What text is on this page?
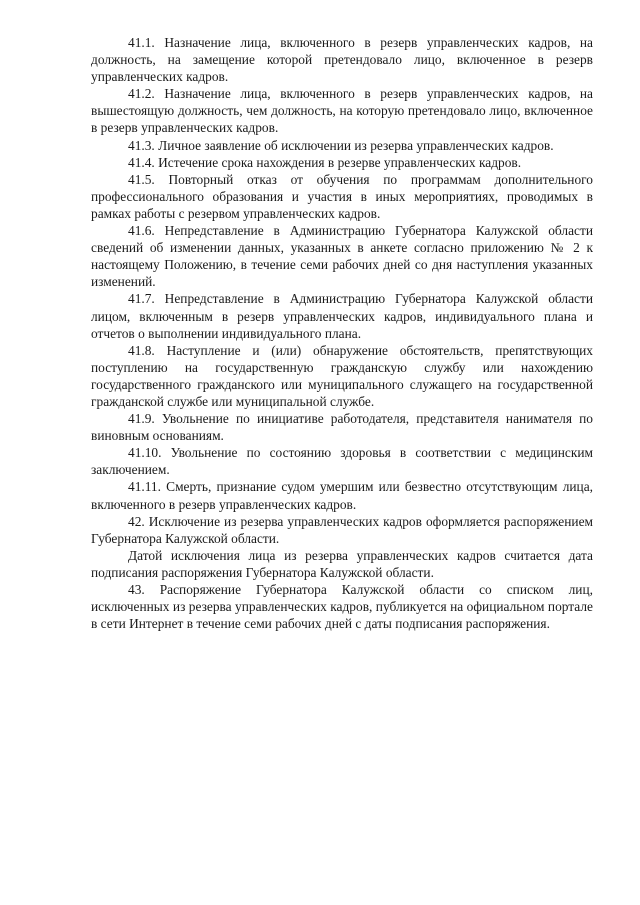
41.1. Назначение лица, включенного в резерв управленческих кадров, на должность, на замещение которой претендовало лицо, включенное в резерв управленческих кадров.

41.2. Назначение лица, включенного в резерв управленческих кадров, на вышестоящую должность, чем должность, на которую претендовало лицо, включенное в резерв управленческих кадров.

41.3. Личное заявление об исключении из резерва управленческих кадров.

41.4. Истечение срока нахождения в резерве управленческих кадров.

41.5. Повторный отказ от обучения по программам дополнительного профессионального образования и участия в иных мероприятиях, проводимых в рамках работы с резервом управленческих кадров.

41.6. Непредставление в Администрацию Губернатора Калужской области сведений об изменении данных, указанных в анкете согласно приложению № 2 к настоящему Положению, в течение семи рабочих дней со дня наступления указанных изменений.

41.7. Непредставление в Администрацию Губернатора Калужской области лицом, включенным в резерв управленческих кадров, индивидуального плана и отчетов о выполнении индивидуального плана.

41.8. Наступление и (или) обнаружение обстоятельств, препятствующих поступлению на государственную гражданскую службу или нахождению государственного гражданского или муниципального служащего на государственной гражданской службе или муниципальной службе.

41.9. Увольнение по инициативе работодателя, представителя нанимателя по виновным основаниям.

41.10. Увольнение по состоянию здоровья в соответствии с медицинским заключением.

41.11. Смерть, признание судом умершим или безвестно отсутствующим лица, включенного в резерв управленческих кадров.

42. Исключение из резерва управленческих кадров оформляется распоряжением Губернатора Калужской области.

Датой исключения лица из резерва управленческих кадров считается дата подписания распоряжения Губернатора Калужской области.

43. Распоряжение Губернатора Калужской области со списком лиц, исключенных из резерва управленческих кадров, публикуется на официальном портале в сети Интернет в течение семи рабочих дней с даты подписания распоряжения.
